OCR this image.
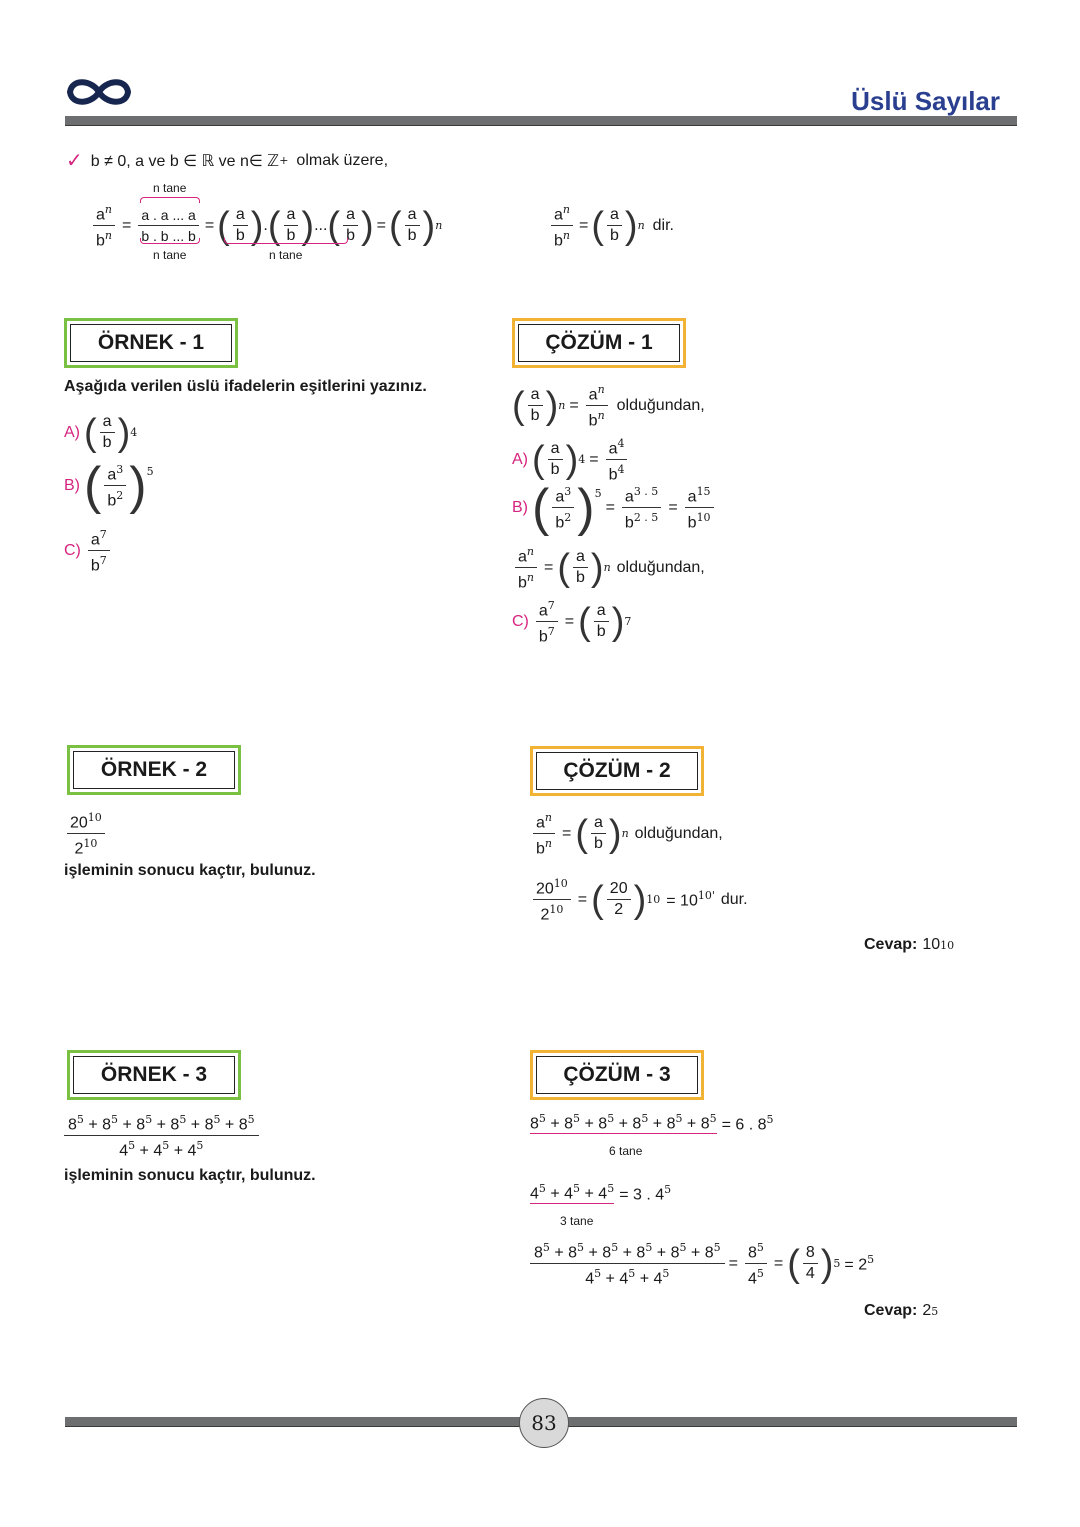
Üslü Sayılar
✓ b ≠ 0, a ve b ∈ ℝ ve n∈ ℤ + olmak üzere,
n tane
$\frac{a^n}{b^n} = \frac{a . a ... a}{b . b ... b}$ = ( $\frac{a}{b}$ ) . ( $\frac{a}{b}$ ) ... ( $\frac{a}{b}$ ) = ( $\frac{a}{b}$ ) n
n tane	n tane
$\frac{a^n}{b^n}$ = ( $\frac{a}{b}$ ) n dir.
ÖRNEK - 1
Aşağıda verilen üslü ifadelerin eşitlerini yazınız.
A) ( $\frac{a}{b}$ ) 4
B) ( $\frac{a^3}{b^2} )^5$
$C) \frac{a^7}{b^7}$
ÇÖZÜM - 1
( $\frac{a}{b}$ ) $n = \frac{a^n}{b^n}$ olduğundan,
A) ( $\frac{a}{b}$ ) $4 = \frac{a^4}{b^4}$
B) ( $\frac{a^3}{b^2} )^5$
= $\frac{a^{3 . 5}}{b^{2 . 5}} = \frac{a^{15}}{b^{10}}$
$\frac{a^n}{b^n}$ = ( $\frac{a}{b}$ ) n olduğundan,
$C) \frac{a^7}{b^7}$ = ( $\frac{a}{b}$ ) 7
ÖRNEK - 2
$\frac{20^{10}}{2^{10}}$
işleminin sonucu kaçtır, bulunuz.
ÇÖZÜM - 2
$\frac{a^n}{b^n}$ = ( $\frac{a}{b}$ ) n olduğundan,
$\frac{20^{10}}{2^{10}}$ = ( $\frac{20}{2}$ ) $10 = 10^{10'}$ dur.
Cevap: 10 10
ÖRNEK - 3
$\frac{8^5 + 8^5 + 8^5 + 8^5 + 8^5 + 8^5}{4^5 + 4^5 + 4^5}$
işleminin sonucu kaçtır, bulunuz.
ÇÖZÜM - 3
$8^5 + 8^5 + 8^5 + 8^5 + 8^5 + 8^5 = 6$ . $8^5$
6 tane
$4^5 + 4^5 + 4^5 = 3$ . $4^5$
3 tane
$\frac{8^5 + 8^5 + 8^5 + 8^5 + 8^5 + 8^5}{4^5 + 4^5 + 4^5} = \frac{8^5}{4^5}$ = ( $\frac{8}{4}$ ) $5 = 2^5$
Cevap: 2 5
83
